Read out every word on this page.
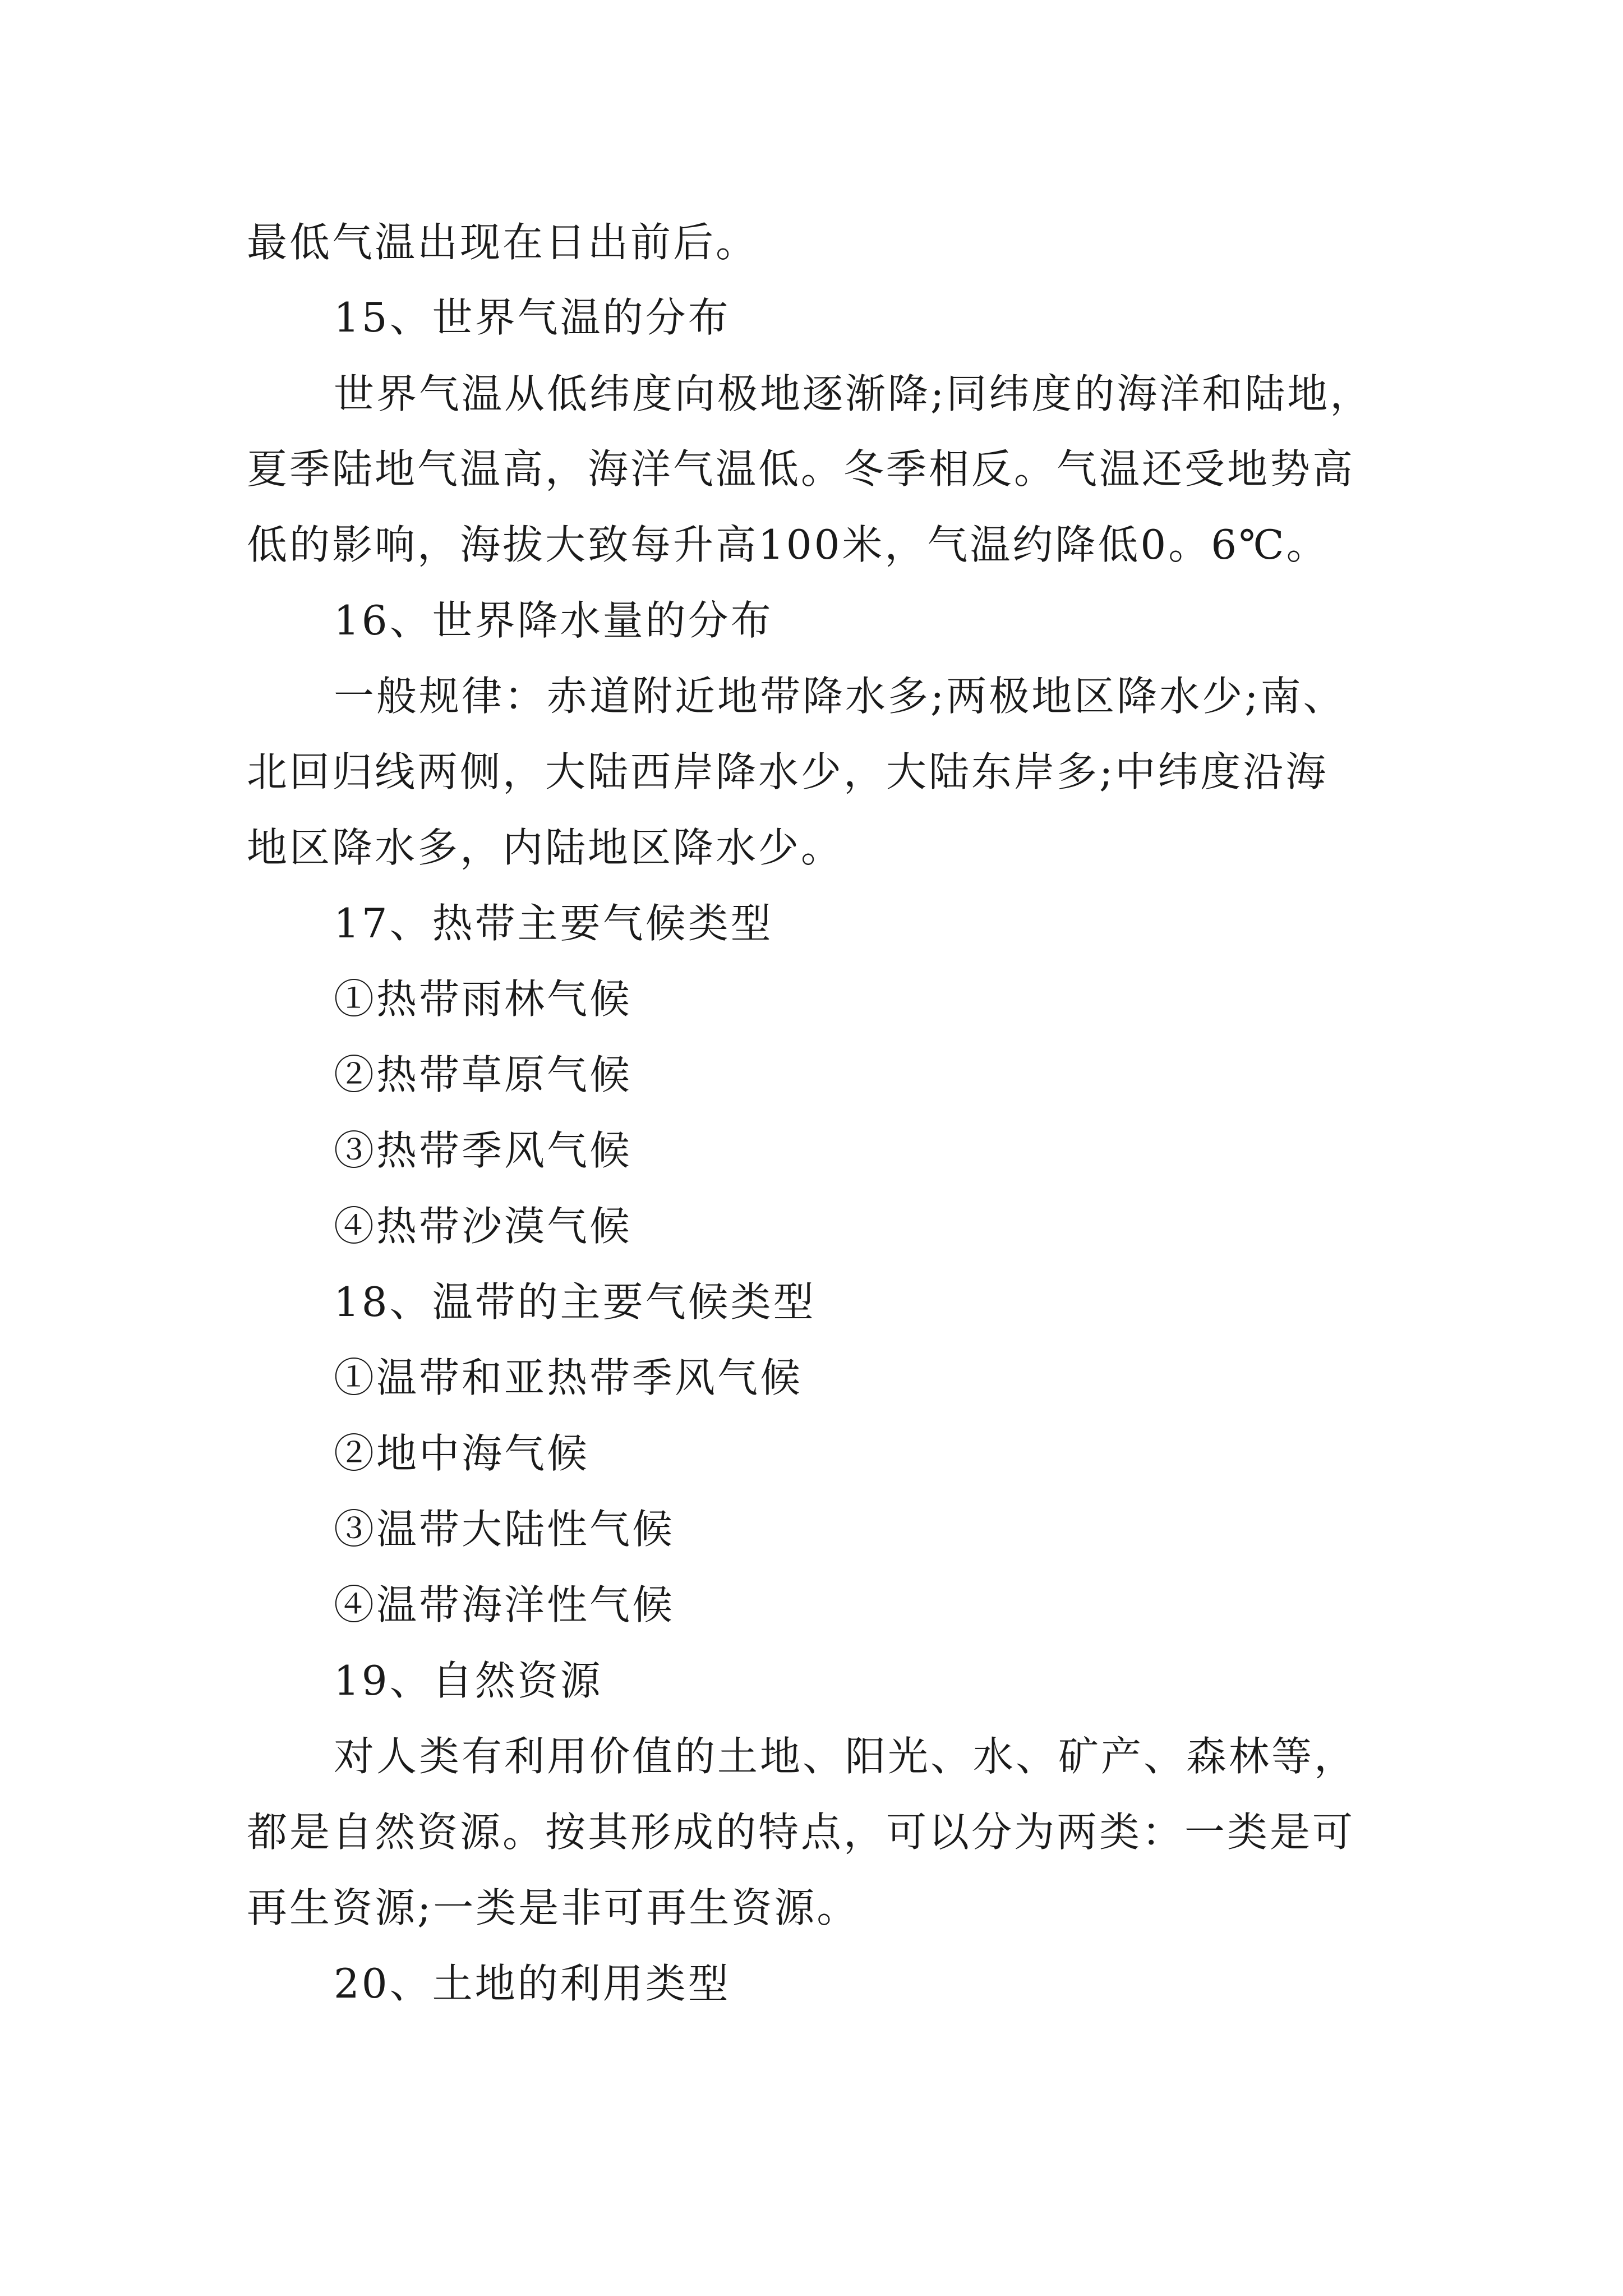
最低气温出现在日出前后。
15、世界气温的分布
世界气温从低纬度向极地逐渐降;同纬度的海洋和陆地，
夏季陆地气温高，海洋气温低。冬季相反。气温还受地势高
低的影响，海拔大致每升高100米，气温约降低0。6℃。
16、世界降水量的分布
一般规律：赤道附近地带降水多;两极地区降水少;南、
北回归线两侧，大陆西岸降水少，大陆东岸多;中纬度沿海
地区降水多，内陆地区降水少。
17、热带主要气候类型
①热带雨林气候
②热带草原气候
③热带季风气候
④热带沙漠气候
18、温带的主要气候类型
①温带和亚热带季风气候
②地中海气候
③温带大陆性气候
④温带海洋性气候
19、自然资源
对人类有利用价值的土地、阳光、水、矿产、森林等，
都是自然资源。按其形成的特点，可以分为两类：一类是可
再生资源;一类是非可再生资源。
20、土地的利用类型
